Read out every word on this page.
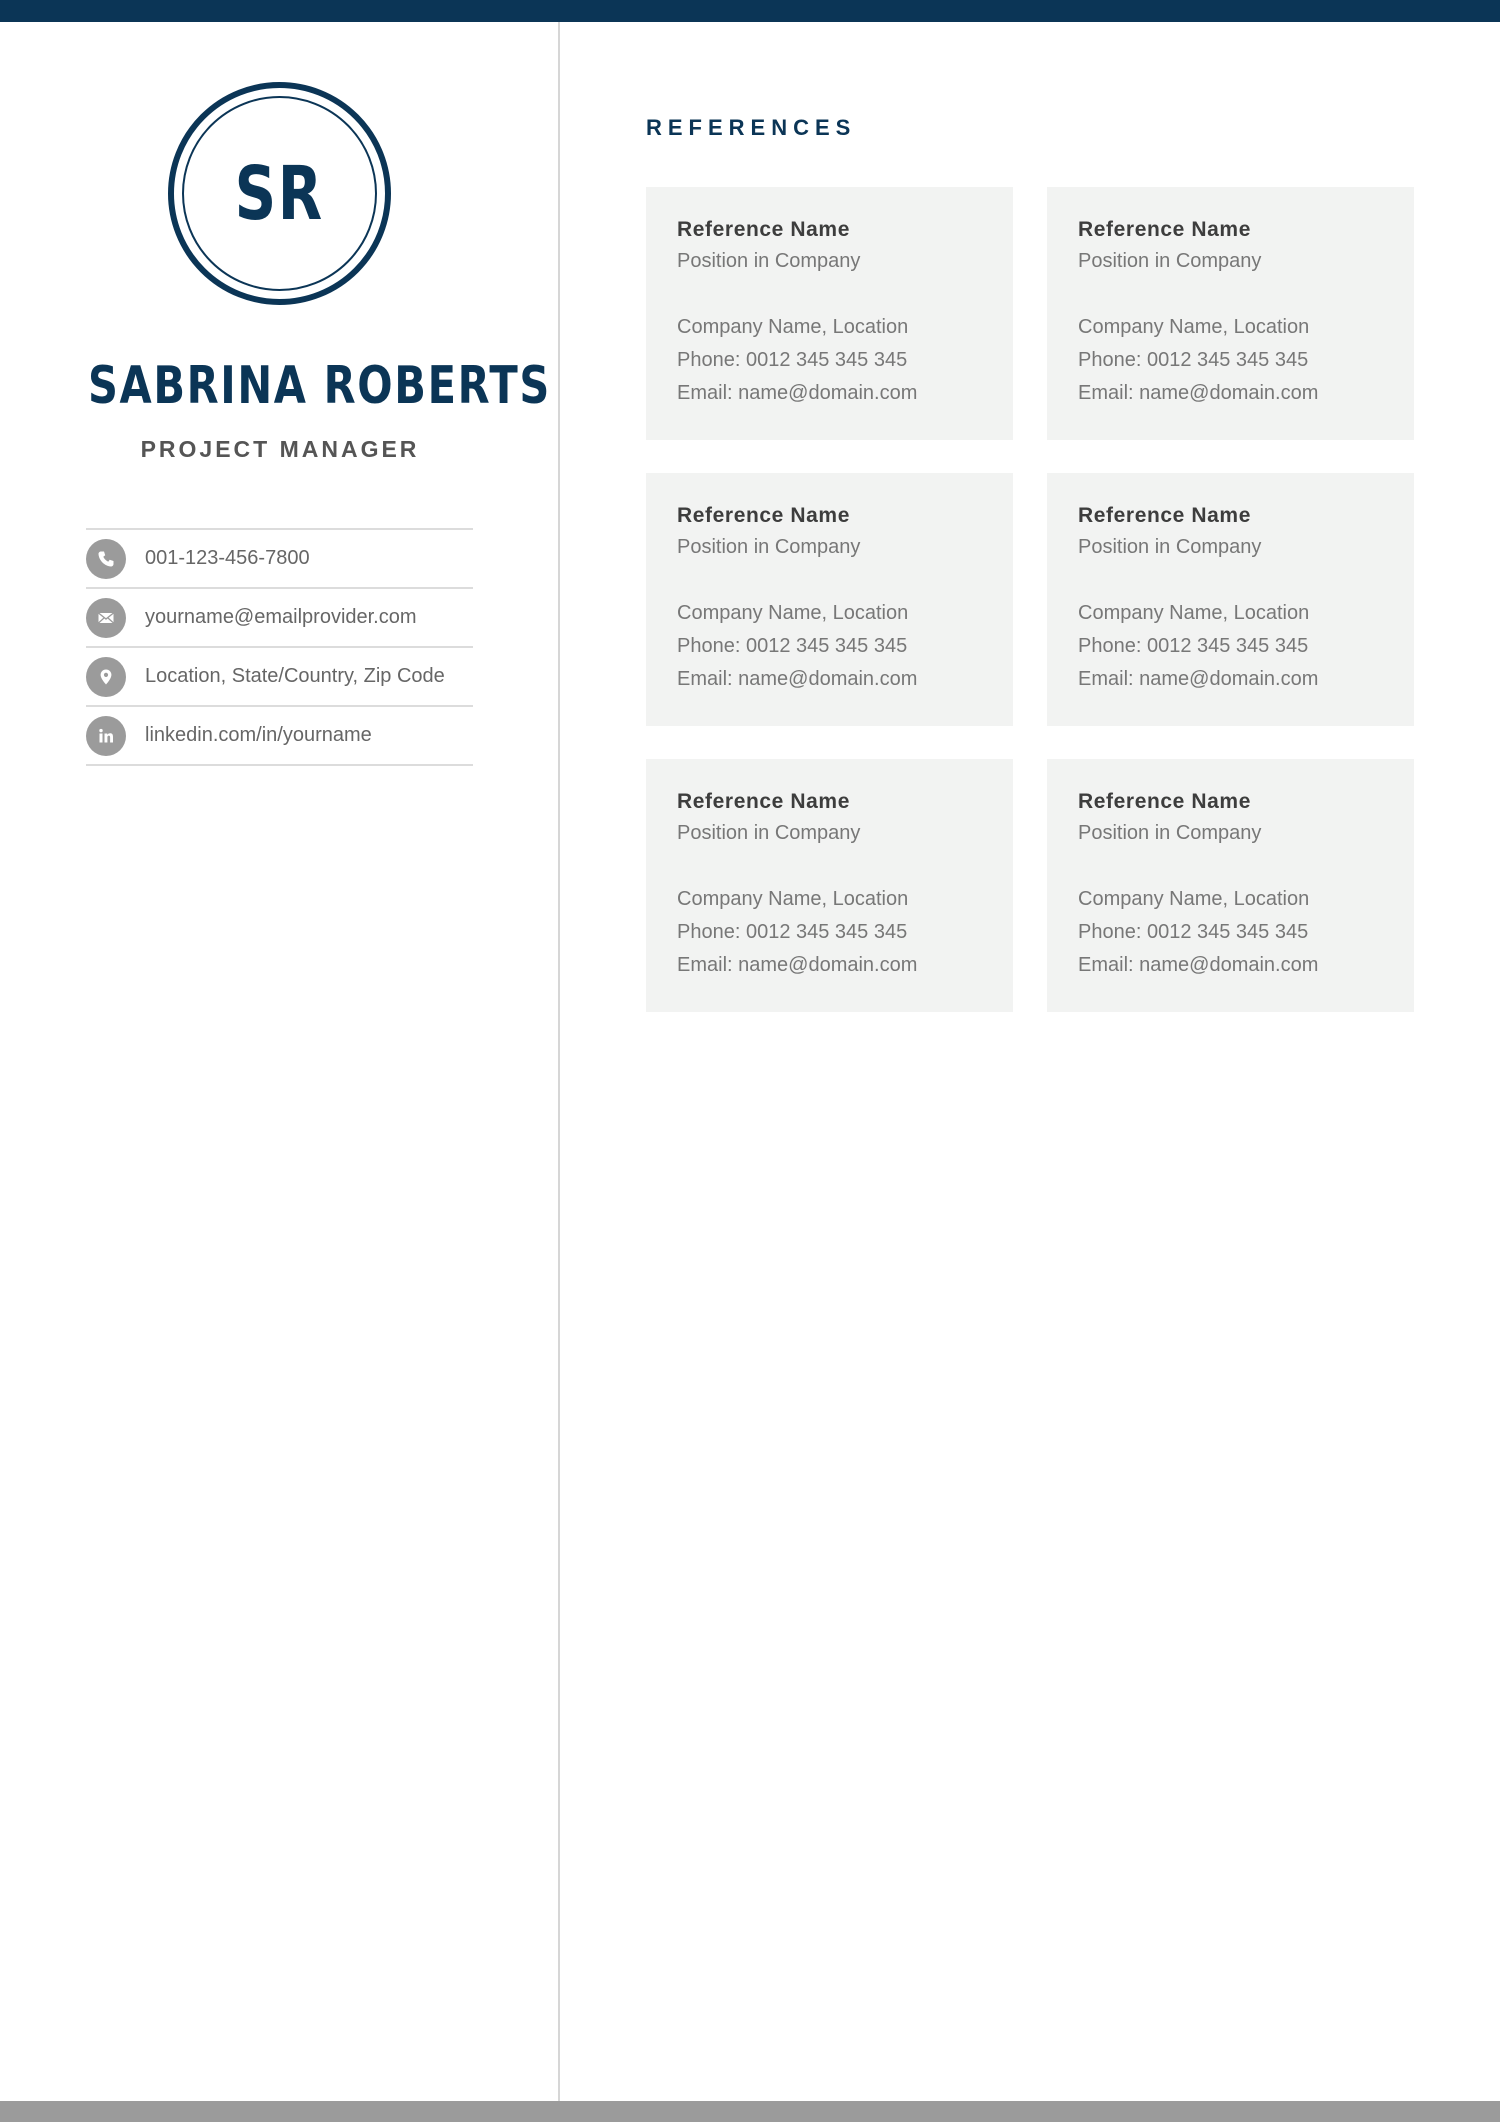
SR
SABRINA ROBERTS
PROJECT MANAGER
001-123-456-7800
yourname@emailprovider.com
Location, State/Country, Zip Code
linkedin.com/in/yourname
REFERENCES
Reference Name
Position in Company
Company Name, Location
Phone: 0012 345 345 345
Email: name@domain.com
Reference Name
Position in Company
Company Name, Location
Phone: 0012 345 345 345
Email: name@domain.com
Reference Name
Position in Company
Company Name, Location
Phone: 0012 345 345 345
Email: name@domain.com
Reference Name
Position in Company
Company Name, Location
Phone: 0012 345 345 345
Email: name@domain.com
Reference Name
Position in Company
Company Name, Location
Phone: 0012 345 345 345
Email: name@domain.com
Reference Name
Position in Company
Company Name, Location
Phone: 0012 345 345 345
Email: name@domain.com
